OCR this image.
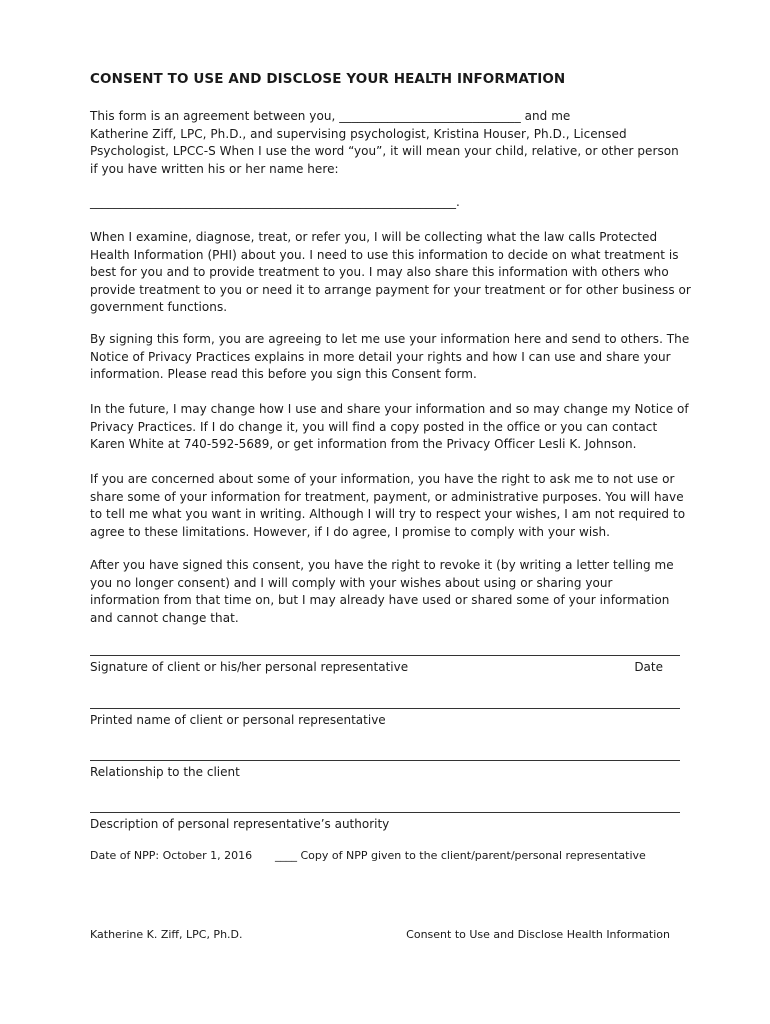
CONSENT TO USE AND DISCLOSE YOUR HEALTH INFORMATION
This form is an agreement between you, ______________________________ and me
Katherine Ziff, LPC, Ph.D., and supervising psychologist, Kristina Houser, Ph.D., Licensed
Psychologist, LPCC-S When I use the word “you”, it will mean your child, relative, or other person
if you have written his or her name here:
_____________________________________________________________.
When I examine, diagnose, treat, or refer you, I will be collecting what the law calls Protected
Health Information (PHI) about you. I need to use this information to decide on what treatment is
best for you and to provide treatment to you. I may also share this information with others who
provide treatment to you or need it to arrange payment for your treatment or for other business or
government functions.
By signing this form, you are agreeing to let me use your information here and send to others. The
Notice of Privacy Practices explains in more detail your rights and how I can use and share your
information. Please read this before you sign this Consent form.
In the future, I may change how I use and share your information and so may change my Notice of
Privacy Practices. If I do change it, you will find a copy posted in the office or you can contact
Karen White at 740-592-5689, or get information from the Privacy Officer Lesli K. Johnson.
If you are concerned about some of your information, you have the right to ask me to not use or
share some of your information for treatment, payment, or administrative purposes. You will have
to tell me what you want in writing. Although I will try to respect your wishes, I am not required to
agree to these limitations. However, if I do agree, I promise to comply with your wish.
After you have signed this consent, you have the right to revoke it (by writing a letter telling me
you no longer consent) and I will comply with your wishes about using or sharing your
information from that time on, but I may already have used or shared some of your information
and cannot change that.
Signature of client or his/her personal representative	Date
Printed name of client or personal representative
Relationship to the client
Description of personal representative’s authority
Date of NPP: October 1, 2016 ____ Copy of NPP given to the client/parent/personal representative
Katherine K. Ziff, LPC, Ph.D.	Consent to Use and Disclose Health Information
